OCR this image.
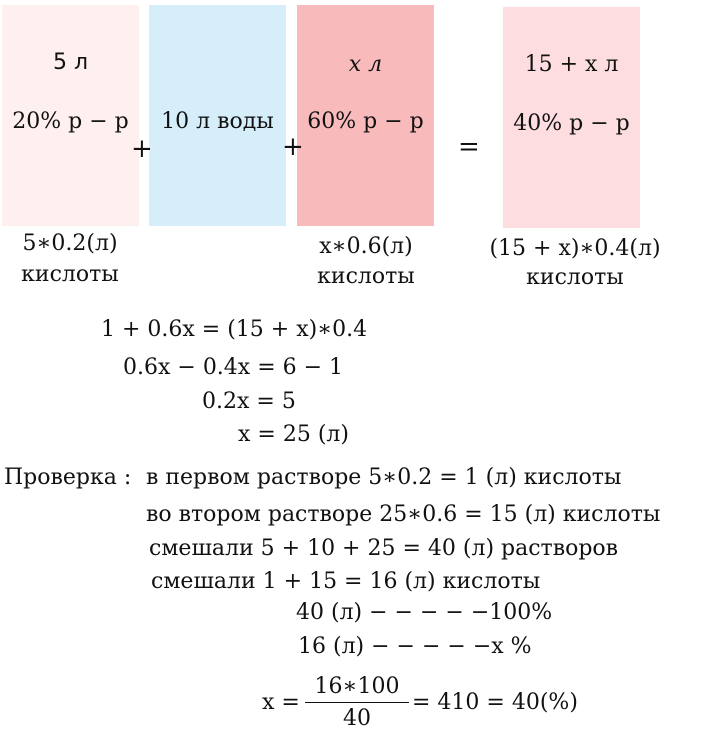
5 л
20% р − р	10 л воды
x л
60% р − р
15 + x л
40% р − р
+	+	=
5∗0.2(л)
кислоты
x∗0.6(л)
кислоты
(15 + x)∗0.4(л)
кислоты
1 + 0.6x = (15 + x)∗0.4
0.6x − 0.4x = 6 − 1
0.2x = 5
x = 25 (л)
Проверка : в первом растворе 5∗0.2 = 1 (л) кислоты
во втором растворе 25∗0.6 = 15 (л) кислоты
смешали 5 + 10 + 25 = 40 (л) растворов
смешали 1 + 15 = 16 (л) кислоты
40 (л) − − − − −100%
16 (л) − − − − −x %
$x = \frac{16∗100}{40} = 410 = 40(\%)$
